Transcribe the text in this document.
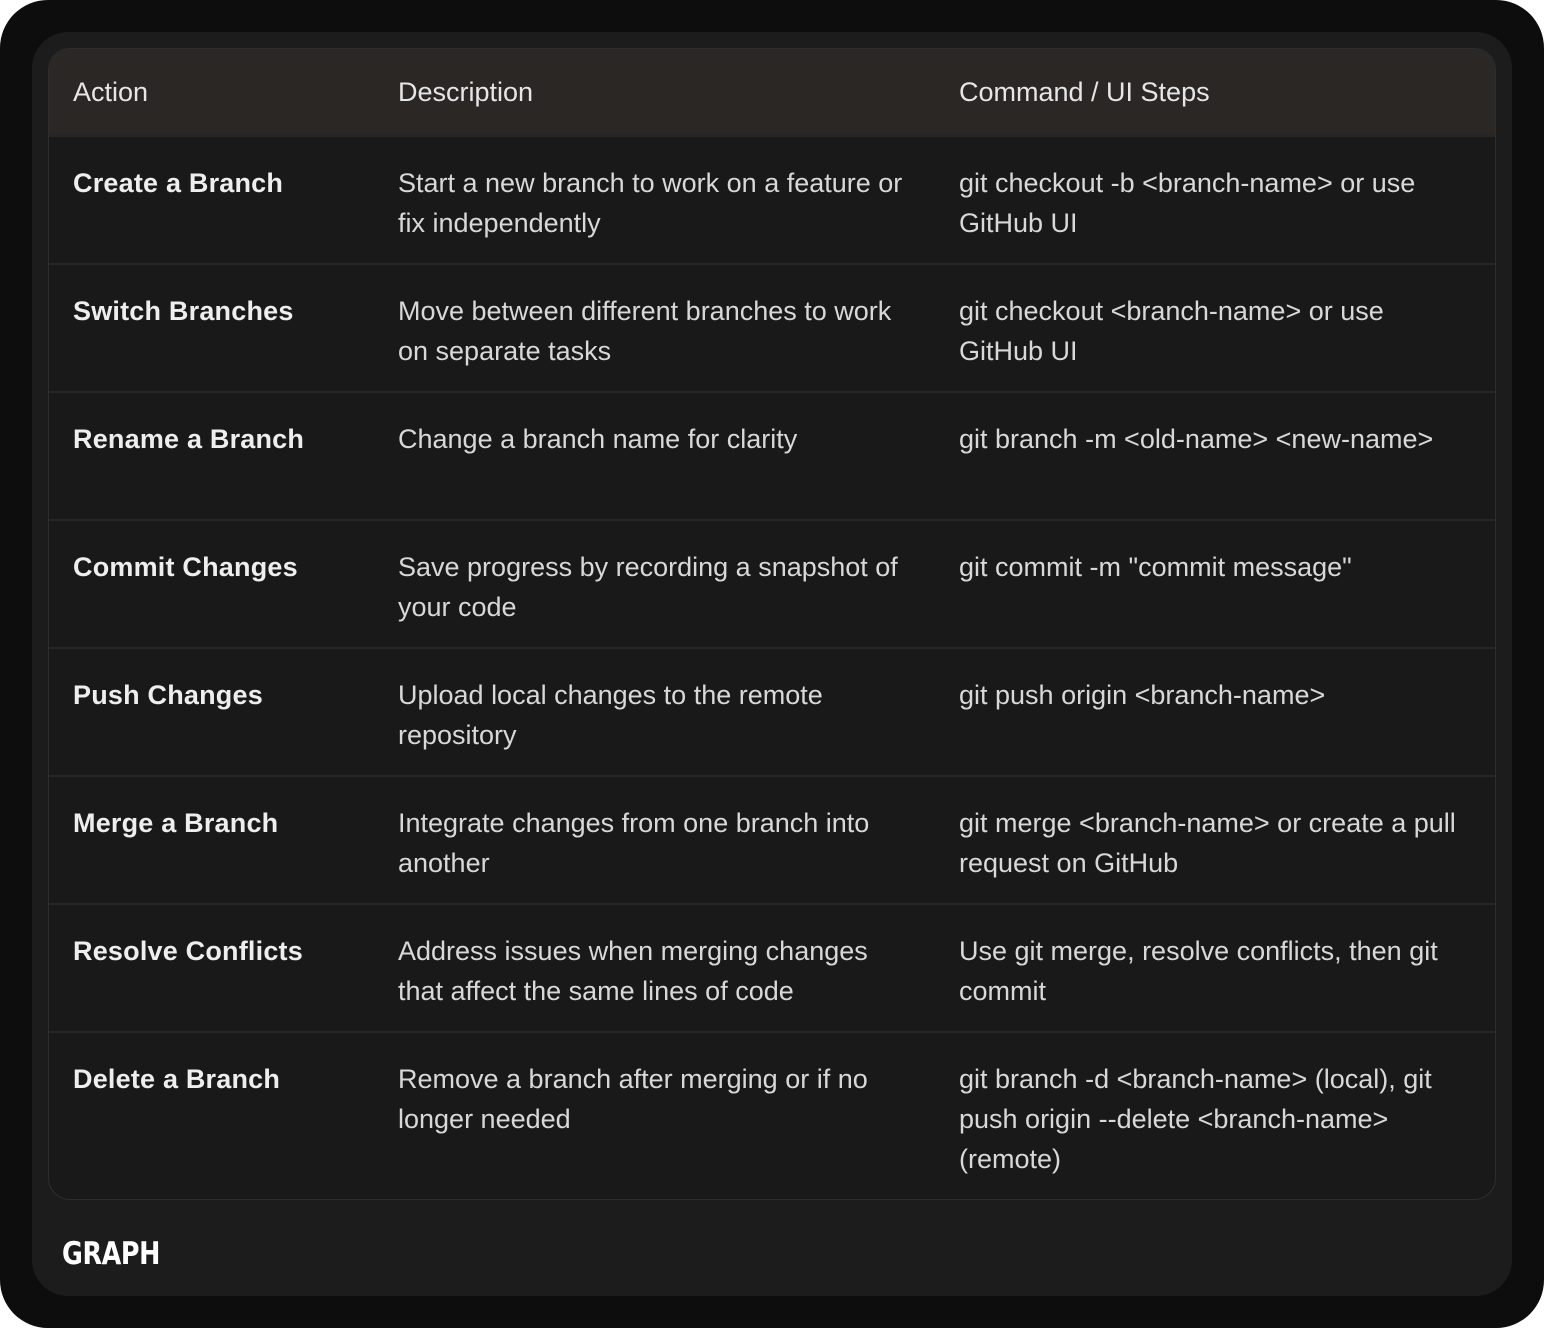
Action	Description	Command / UI Steps
Create a Branch	Start a new branch to work on a feature or fix independently	git checkout -b <branch-name> or use GitHub UI
Switch Branches	Move between different branches to work on separate tasks	git checkout <branch-name> or use GitHub UI
Rename a Branch	Change a branch name for clarity	git branch -m <old-name> <new-name>
Commit Changes	Save progress by recording a snapshot of your code	git commit -m "commit message"
Push Changes	Upload local changes to the remote repository	git push origin <branch-name>
Merge a Branch	Integrate changes from one branch into another	git merge <branch-name> or create a pull request on GitHub
Resolve Conflicts	Address issues when merging changes that affect the same lines of code	Use git merge, resolve conflicts, then git commit
Delete a Branch	Remove a branch after merging or if no longer needed	git branch -d <branch-name> (local), git push origin --delete <branch-name> (remote)
GRAPH
